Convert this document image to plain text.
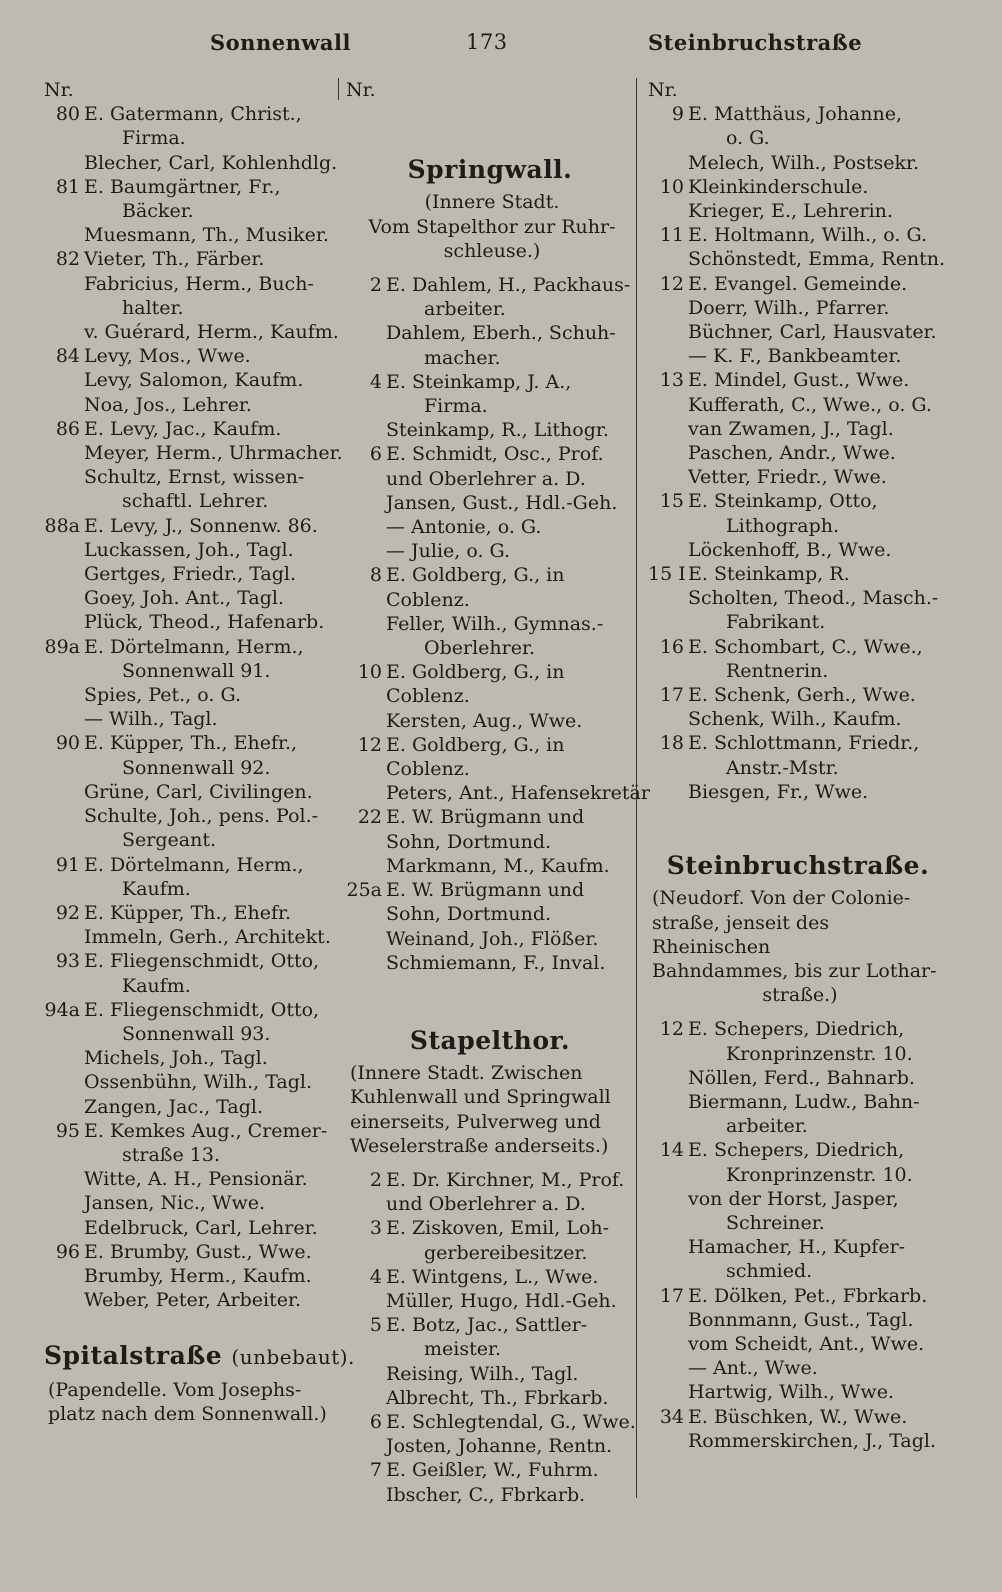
Sonnenwall	173	Steinbruchstraße
Nr.
80 E. Gatermann, Christ.,
Firma.
Blecher, Carl, Kohlenhdlg.
81 E. Baumgärtner, Fr.,
Bäcker.
Muesmann, Th., Musiker.
82 Vieter, Th., Färber.
Fabricius, Herm., Buch-
halter.
v. Guérard, Herm., Kaufm.
84 Levy, Mos., Wwe.
Levy, Salomon, Kaufm.
Noa, Jos., Lehrer.
86 E. Levy, Jac., Kaufm.
Meyer, Herm., Uhrmacher.
Schultz, Ernst, wissen-
schaftl. Lehrer.
88a E. Levy, J., Sonnenw. 86.
Luckassen, Joh., Tagl.
Gertges, Friedr., Tagl.
Goey, Joh. Ant., Tagl.
Plück, Theod., Hafenarb.
89a E. Dörtelmann, Herm.,
Sonnenwall 91.
Spies, Pet., o. G.
— Wilh., Tagl.
90 E. Küpper, Th., Ehefr.,
Sonnenwall 92.
Grüne, Carl, Civilingen.
Schulte, Joh., pens. Pol.-
Sergeant.
91 E. Dörtelmann, Herm.,
Kaufm.
92 E. Küpper, Th., Ehefr.
Immeln, Gerh., Architekt.
93 E. Fliegenschmidt, Otto,
Kaufm.
94a E. Fliegenschmidt, Otto,
Sonnenwall 93.
Michels, Joh., Tagl.
Ossenbühn, Wilh., Tagl.
Zangen, Jac., Tagl.
95 E. Kemkes Aug., Cremer-
straße 13.
Witte, A. H., Pensionär.
Jansen, Nic., Wwe.
Edelbruck, Carl, Lehrer.
96 E. Brumby, Gust., Wwe.
Brumby, Herm., Kaufm.
Weber, Peter, Arbeiter.
Spitalstraße (unbebaut).
(Papendelle. Vom Josephs-
platz nach dem Sonnenwall.)
Nr.
Springwall.
(Innere Stadt.
Vom Stapelthor zur Ruhr-
schleuse.)
2 E. Dahlem, H., Packhaus-
arbeiter.
Dahlem, Eberh., Schuh-
macher.
4 E. Steinkamp, J. A.,
Firma.
Steinkamp, R., Lithogr.
6 E. Schmidt, Osc., Prof.
und Oberlehrer a. D.
Jansen, Gust., Hdl.-Geh.
— Antonie, o. G.
— Julie, o. G.
8 E. Goldberg, G., in
Coblenz.
Feller, Wilh., Gymnas.-
Oberlehrer.
10 E. Goldberg, G., in
Coblenz.
Kersten, Aug., Wwe.
12 E. Goldberg, G., in
Coblenz.
Peters, Ant., Hafensekretär
22 E. W. Brügmann und
Sohn, Dortmund.
Markmann, M., Kaufm.
25a E. W. Brügmann und
Sohn, Dortmund.
Weinand, Joh., Flößer.
Schmiemann, F., Inval.
Stapelthor.
(Innere Stadt. Zwischen
Kuhlenwall und Springwall
einerseits, Pulverweg und
Weselerstraße anderseits.)
2 E. Dr. Kirchner, M., Prof.
und Oberlehrer a. D.
3 E. Ziskoven, Emil, Loh-
gerbereibesitzer.
4 E. Wintgens, L., Wwe.
Müller, Hugo, Hdl.-Geh.
5 E. Botz, Jac., Sattler-
meister.
Reising, Wilh., Tagl.
Albrecht, Th., Fbrkarb.
6 E. Schlegtendal, G., Wwe.
Josten, Johanne, Rentn.
7 E. Geißler, W., Fuhrm.
Ibscher, C., Fbrkarb.
Nr.
9 E. Matthäus, Johanne,
o. G.
Melech, Wilh., Postsekr.
10 Kleinkinderschule.
Krieger, E., Lehrerin.
11 E. Holtmann, Wilh., o. G.
Schönstedt, Emma, Rentn.
12 E. Evangel. Gemeinde.
Doerr, Wilh., Pfarrer.
Büchner, Carl, Hausvater.
— K. F., Bankbeamter.
13 E. Mindel, Gust., Wwe.
Kufferath, C., Wwe., o. G.
van Zwamen, J., Tagl.
Paschen, Andr., Wwe.
Vetter, Friedr., Wwe.
15 E. Steinkamp, Otto,
Lithograph.
Löckenhoff, B., Wwe.
15 I E. Steinkamp, R.
Scholten, Theod., Masch.-
Fabrikant.
16 E. Schombart, C., Wwe.,
Rentnerin.
17 E. Schenk, Gerh., Wwe.
Schenk, Wilh., Kaufm.
18 E. Schlottmann, Friedr.,
Anstr.-Mstr.
Biesgen, Fr., Wwe.
Steinbruchstraße.
(Neudorf. Von der Colonie-
straße, jenseit des Rheinischen
Bahndammes, bis zur Lothar-
straße.)
12 E. Schepers, Diedrich,
Kronprinzenstr. 10.
Nöllen, Ferd., Bahnarb.
Biermann, Ludw., Bahn-
arbeiter.
14 E. Schepers, Diedrich,
Kronprinzenstr. 10.
von der Horst, Jasper,
Schreiner.
Hamacher, H., Kupfer-
schmied.
17 E. Dölken, Pet., Fbrkarb.
Bonnmann, Gust., Tagl.
vom Scheidt, Ant., Wwe.
— Ant., Wwe.
Hartwig, Wilh., Wwe.
34 E. Büschken, W., Wwe.
Rommerskirchen, J., Tagl.
